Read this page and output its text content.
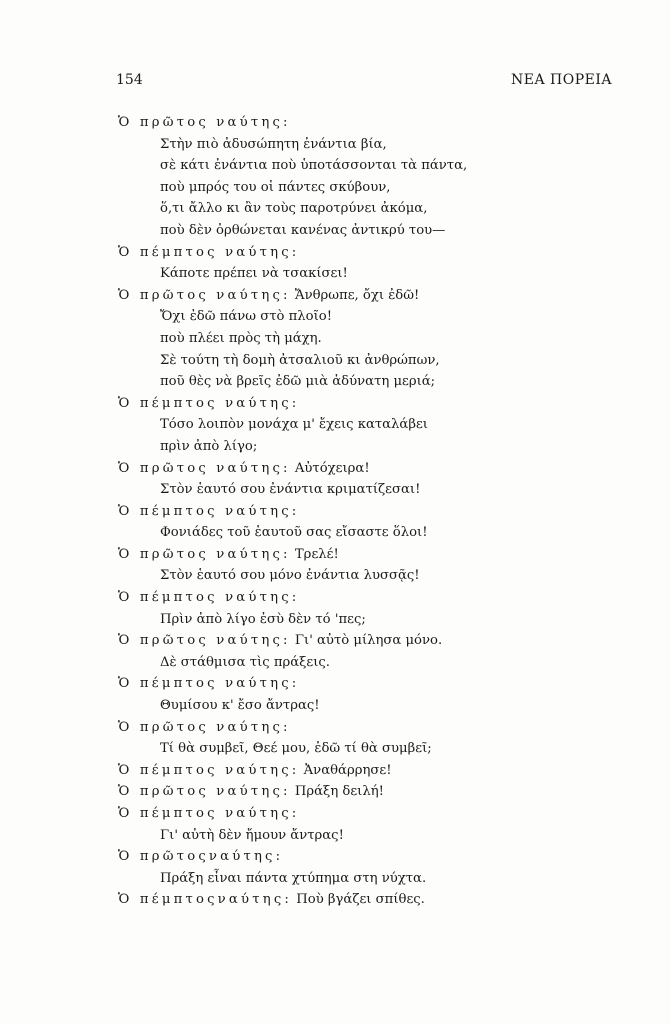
154	ΝΕΑ ΠΟΡΕΙΑ
Ὁ πρῶτος ναύτης:
Στὴν πιὸ ἀδυσώπητη ἐνάντια βία,
σὲ κάτι ἐνάντια ποὺ ὑποτάσσονται τὰ πάντα,
ποὺ μπρός του οἱ πάντες σκύβουν,
ὅ,τι ἄλλο κι ἂν τοὺς παροτρύνει ἀκόμα,
ποὺ δὲν ὀρθώνεται κανένας ἀντικρύ του—
Ὁ πέμπτος ναύτης:
Κάποτε πρέπει νὰ τσακίσει!
Ὁ πρῶτος ναύτης: Ἄνθρωπε, ὄχι ἐδῶ!
Ὄχι ἐδῶ πάνω στὸ πλοῖο!
ποὺ πλέει πρὸς τὴ μάχη.
Σὲ τούτη τὴ δομὴ ἀτσαλιοῦ κι ἀνθρώπων,
ποῦ θὲς νὰ βρεῖς ἐδῶ μιὰ ἀδύνατη μεριά;
Ὁ πέμπτος ναύτης:
Τόσο λοιπὸν μονάχα μ' ἔχεις καταλάβει
πρὶν ἀπὸ λίγο;
Ὁ πρῶτος ναύτης: Αὐτόχειρα!
Στὸν ἑαυτό σου ἐνάντια κριματίζεσαι!
Ὁ πέμπτος ναύτης:
Φονιάδες τοῦ ἑαυτοῦ σας εἴσαστε ὅλοι!
Ὁ πρῶτος ναύτης: Τρελέ!
Στὸν ἑαυτό σου μόνο ἐνάντια λυσσᾷς!
Ὁ πέμπτος ναύτης:
Πρὶν ἀπὸ λίγο ἐσὺ δὲν τό 'πες;
Ὁ πρῶτος ναύτης: Γι' αὐτὸ μίλησα μόνο.
Δὲ στάθμισα τὶς πράξεις.
Ὁ πέμπτος ναύτης:
Θυμίσου κ' ἔσο ἄντρας!
Ὁ πρῶτος ναύτης:
Τί θὰ συμβεῖ, Θεέ μου, ἐδῶ τί θὰ συμβεῖ;
Ὁ πέμπτος ναύτης: Ἀναθάρρησε!
Ὁ πρῶτος ναύτης: Πράξη δειλή!
Ὁ πέμπτος ναύτης:
Γι' αὐτὴ δὲν ἤμουν ἄντρας!
Ὁ πρῶτοςναύτης:
Πράξη εἶναι πάντα χτύπημα στη νύχτα.
Ὁ πέμπτοςναύτης: Ποὺ βγάζει σπίθες.
